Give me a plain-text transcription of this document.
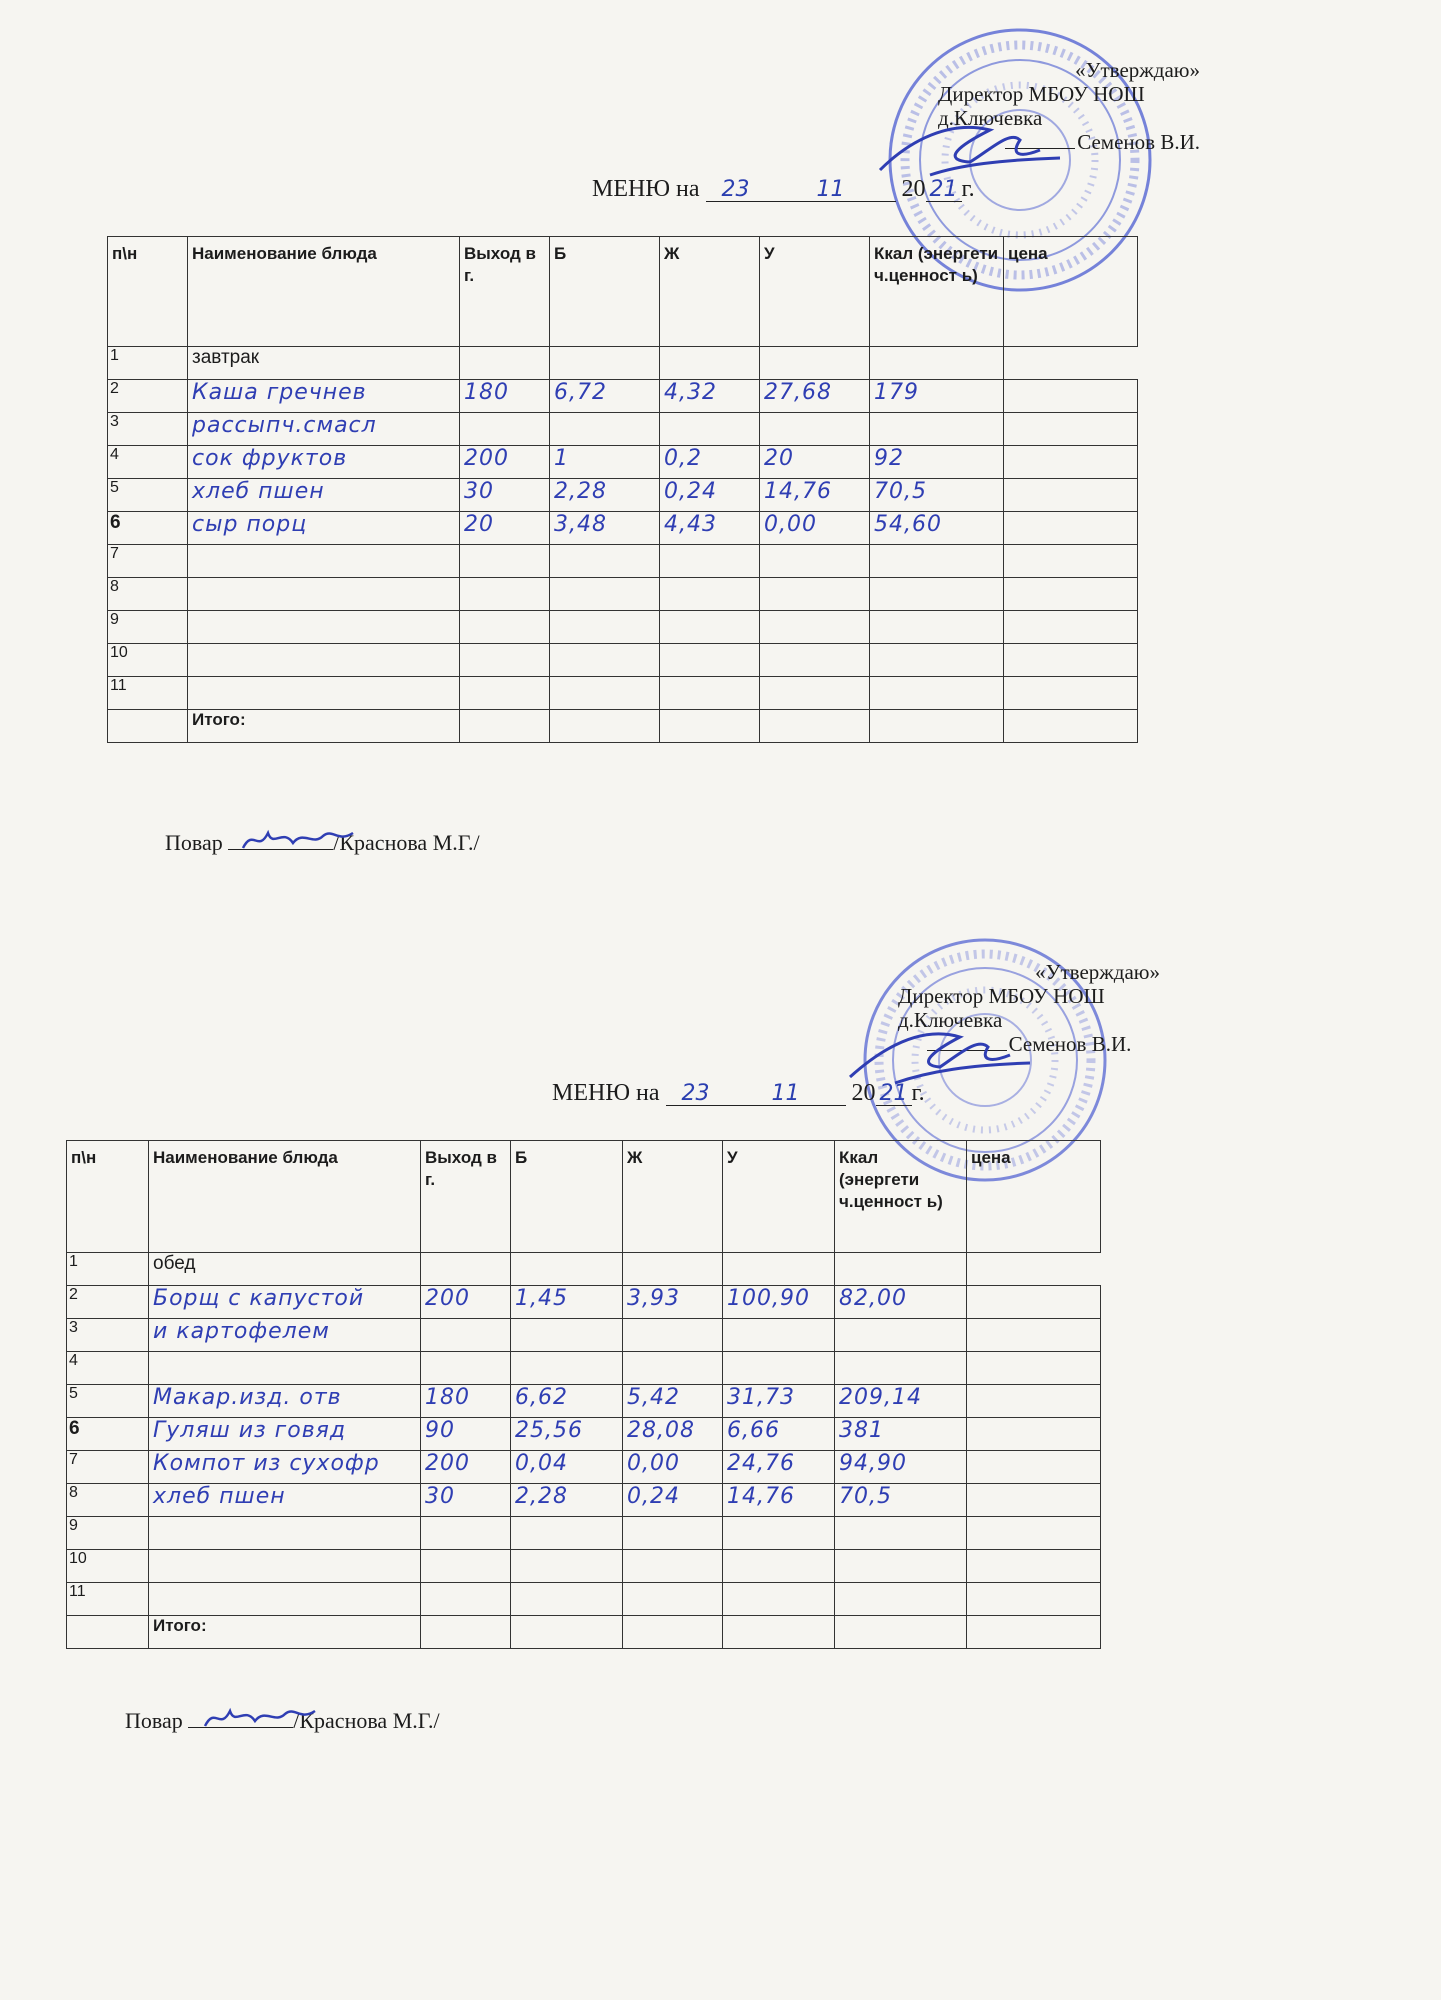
«Утверждаю»
Директор МБОУ НОШ
д.Ключевка
Семенов В.И.
МЕНЮ на 23	11 20 21 г.
п\н	Наименование блюда	Выход в г.	Б	Ж	У	Ккал (энергети ч.ценност ь)	цена
1	завтрак						
2	Каша гречнев	180	6,72	4,32	27,68	179	
3	рассыпч.смасл						
4	сок фруктов	200	1	0,2	20	92	
5	хлеб пшен	30	2,28	0,24	14,76	70,5	
6	сыр порц	20	3,48	4,43	0,00	54,60	
7							
8							
9							
10							
11							
	Итого:						
Повар	/Краснова М.Г./
«Утверждаю»
Директор МБОУ НОШ
д.Ключевка
Семенов В.И.
МЕНЮ на 23	11 20 21 г.
п\н	Наименование блюда	Выход в г.	Б	Ж	У	Ккал (энергети ч.ценност ь)	цена
1	обед						
2	Борщ с капустой	200	1,45	3,93	100,90	82,00	
3	и картофелем						
4							
5	Макар.изд. отв	180	6,62	5,42	31,73	209,14	
6	Гуляш из говяд	90	25,56	28,08	6,66	381	
7	Компот из сухофр	200	0,04	0,00	24,76	94,90	
8	хлеб пшен	30	2,28	0,24	14,76	70,5	
9							
10							
11							
	Итого:						
Повар	/Краснова М.Г./
